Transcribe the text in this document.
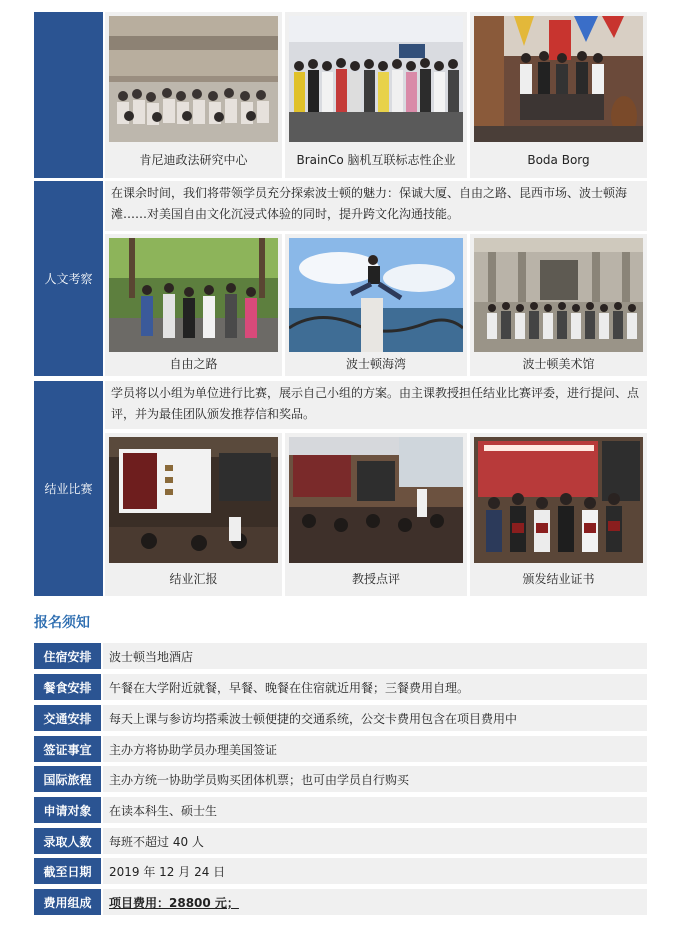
肯尼迪政法研究中心	BrainCo 脑机互联标志性企业	Boda Borg
人文考察
在课余时间，我们将带领学员充分探索波士顿的魅力：保诚大厦、自由之路、昆西市场、波士顿海滩……对美国自由文化沉浸式体验的同时，提升跨文化沟通技能。
自由之路	波士顿海湾	波士顿美术馆
结业比赛
学员将以小组为单位进行比赛，展示自己小组的方案。由主课教授担任结业比赛评委，进行提问、点评，并为最佳团队颁发推荐信和奖品。
结业汇报	教授点评	颁发结业证书
报名须知
住宿安排	波士顿当地酒店
餐食安排	午餐在大学附近就餐，早餐、晚餐在住宿就近用餐；三餐费用自理。
交通安排	每天上课与参访均搭乘波士顿便捷的交通系统，公交卡费用包含在项目费用中
签证事宜	主办方将协助学员办理美国签证
国际旅程	主办方统一协助学员购买团体机票；也可由学员自行购买
申请对象	在读本科生、硕士生
录取人数	每班不超过 40 人
截至日期	2019 年 12 月 24 日
费用组成	项目费用：28800 元；
